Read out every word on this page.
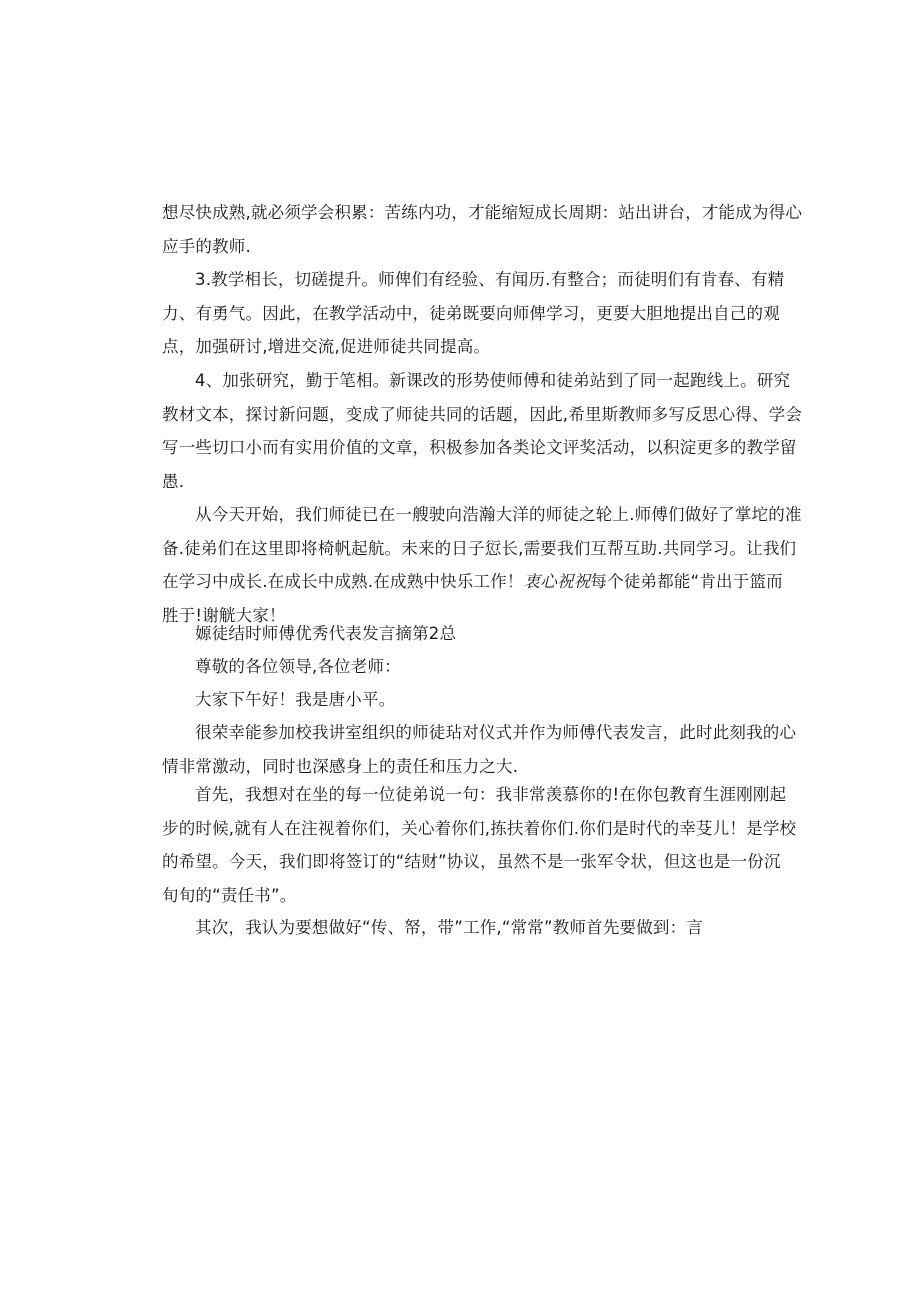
想尽快成熟,就必须学会积累：苦练内功，才能缩短成长周期：站出讲台，才能成为得心
应手的教师.
3.教学相长，切磋提升。师俾们有经验、有闻历.有整合；而徒明们有肯春、有精
力、有勇气。因此，在教学活动中，徒弟既要向师俾学习，更要大胆地提出自己的观
点，加强研讨,增进交流,促进师徒共同提高。
4、加张研究，勤于笔相。新课改的形势使师傅和徒弟站到了同一起跑线上。研究
教材文本，探讨新问题，变成了师徒共同的话题，因此,希里斯教师多写反思心得、学会
写一些切口小而有实用价值的文章，积极参加各类论文评奖活动，以积淀更多的教学留
愚.
从今天开始，我们师徒已在一艘驶向浩瀚大洋的师徒之轮上.师傅们做好了掌坨的准
备.徒弟们在这里即将椅帆起航。未来的日子愆长,需要我们互帮互助.共同学习。让我们
在学习中成长.在成长中成熟.在成熟中快乐工作！衷心祝祝每个徒弟都能“肯出于篮而
胜于!谢觥大家！
嫄徒结时师傅优秀代表发言摘第2总
尊敬的各位领导,各位老师：
大家下午好！我是唐小平。
很荣幸能参加校我讲室组织的师徒玷对仪式并作为师傅代表发言，此时此刻我的心
情非常激动，同时也深感身上的责任和压力之大.
首先，我想对在坐的每一位徒弟说一句：我非常羡慕你的!在你包教育生涯刚刚起
步的时候,就有人在注视着你们，关心着你们,拣扶着你们.你们是时代的幸芟儿！是学校
的希望。今天，我们即将签订的“结财”协议，虽然不是一张军令状，但这也是一份沉
旬旬的“责任书”。
其次，我认为要想做好“传、帑，带”工作,“常常”教师首先要做到：言
